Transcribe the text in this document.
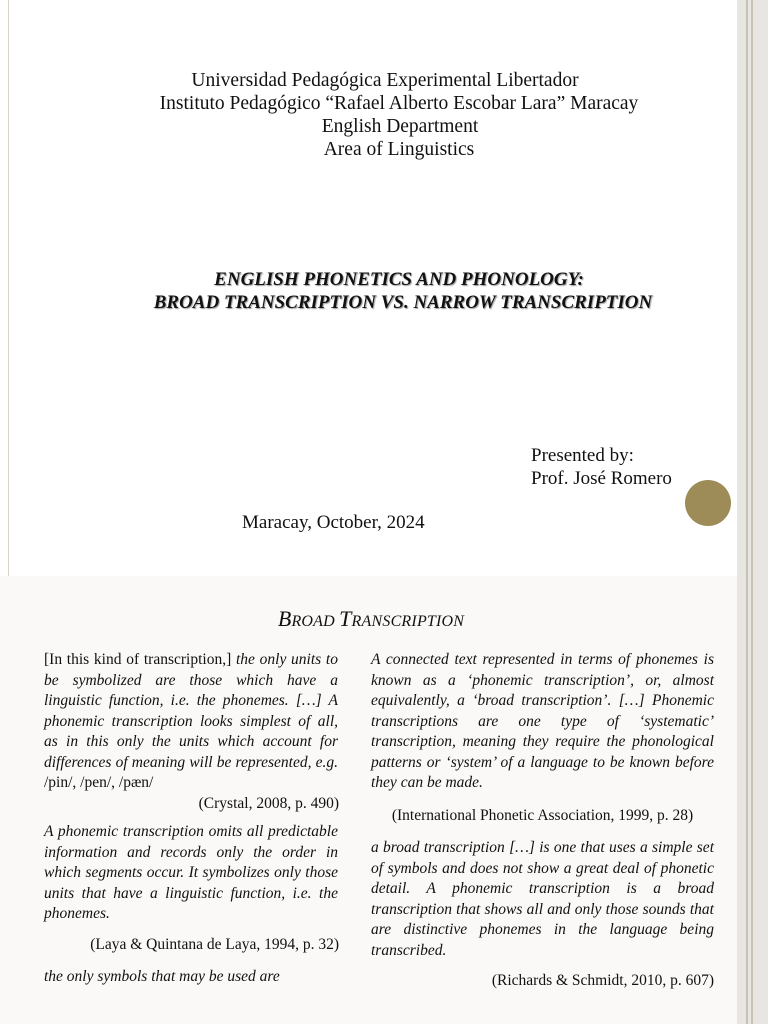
Universidad Pedagógica Experimental Libertador
Instituto Pedagógico “Rafael Alberto Escobar Lara” Maracay
English Department
Area of Linguistics
ENGLISH PHONETICS AND PHONOLOGY:
BROAD TRANSCRIPTION VS. NARROW TRANSCRIPTION
Presented by:
Prof. José Romero
Maracay, October, 2024
BROAD TRANSCRIPTION

[In this kind of transcription,] the only units to be symbolized are those which have a linguistic function, i.e. the phonemes. […] A phonemic transcription looks simplest of all, as in this only the units which account for differences of meaning will be represented, e.g. /pin/, /pen/, /pæn/

(Crystal, 2008, p. 490)

A phonemic transcription omits all predictable information and records only the order in which segments occur. It symbolizes only those units that have a linguistic function, i.e. the phonemes.

(Laya & Quintana de Laya, 1994, p. 32)

the only symbols that may be used are

A connected text represented in terms of phonemes is known as a ‘phonemic transcription’, or, almost equivalently, a ‘broad transcription’. […] Phonemic transcriptions are one type of ‘systematic’ transcription, meaning they require the phonological patterns or ‘system’ of a language to be known before they can be made.

(International Phonetic Association, 1999, p. 28)

a broad transcription […] is one that uses a simple set of symbols and does not show a great deal of phonetic detail. A phonemic transcription is a broad transcription that shows all and only those sounds that are distinctive phonemes in the language being transcribed.

(Richards & Schmidt, 2010, p. 607)
